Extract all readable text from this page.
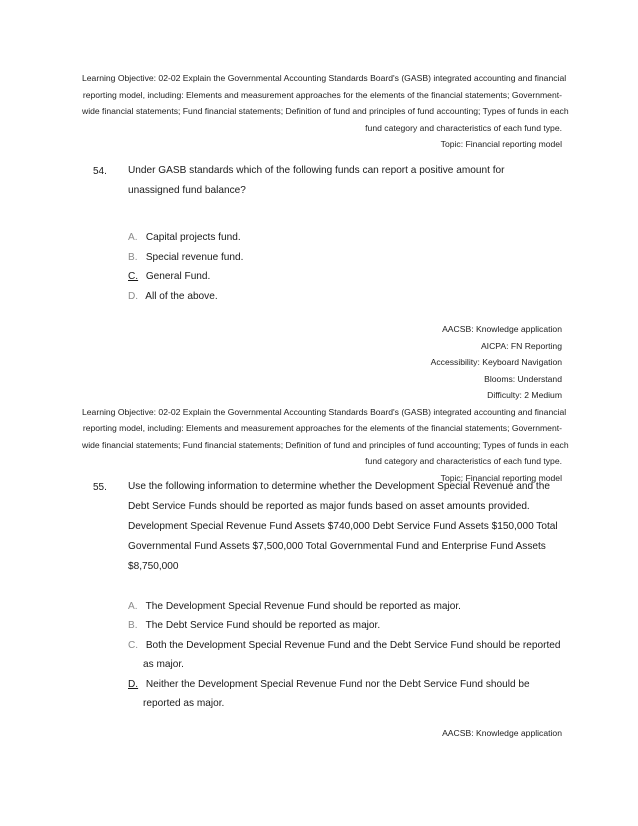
Learning Objective: 02-02 Explain the Governmental Accounting Standards Board's (GASB) integrated accounting and financial
reporting model, including: Elements and measurement approaches for the elements of the financial statements; Government-
wide financial statements; Fund financial statements; Definition of fund and principles of fund accounting; Types of funds in each
fund category and characteristics of each fund type.
Topic: Financial reporting model
54. Under GASB standards which of the following funds can report a positive amount for
unassigned fund balance?
A. Capital projects fund.
B. Special revenue fund.
C. General Fund.
D. All of the above.
AACSB: Knowledge application
AICPA: FN Reporting
Accessibility: Keyboard Navigation
Blooms: Understand
Difficulty: 2 Medium
Learning Objective: 02-02 Explain the Governmental Accounting Standards Board's (GASB) integrated accounting and financial
reporting model, including: Elements and measurement approaches for the elements of the financial statements; Government-
wide financial statements; Fund financial statements; Definition of fund and principles of fund accounting; Types of funds in each
fund category and characteristics of each fund type.
Topic: Financial reporting model
55. Use the following information to determine whether the Development Special Revenue and the
Debt Service Funds should be reported as major funds based on asset amounts provided.
Development Special Revenue Fund Assets $740,000 Debt Service Fund Assets $150,000 Total
Governmental Fund Assets $7,500,000 Total Governmental Fund and Enterprise Fund Assets
$8,750,000
A. The Development Special Revenue Fund should be reported as major.
B. The Debt Service Fund should be reported as major.
C. Both the Development Special Revenue Fund and the Debt Service Fund should be reported
as major.
D. Neither the Development Special Revenue Fund nor the Debt Service Fund should be
reported as major.
AACSB: Knowledge application
